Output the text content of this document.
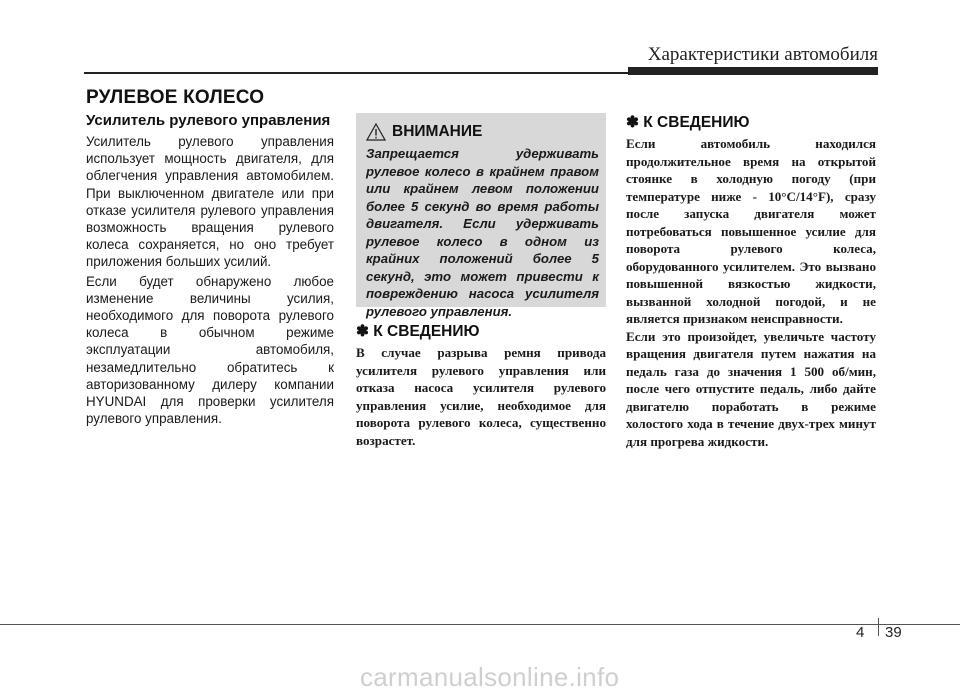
Характеристики автомобиля
РУЛЕВОЕ КОЛЕСО
Усилитель рулевого управления

Усилитель рулевого управления использует мощность двигателя, для облегчения управления автомобилем. При выключенном двигателе или при отказе усилителя рулевого управления возможность вращения рулевого колеса сохраняется, но оно требует приложения больших усилий.

Если будет обнаружено любое изменение величины усилия, необходимого для поворота рулевого колеса в обычном режиме эксплуатации автомобиля, незамедлительно обратитесь к авторизованному дилеру компании HYUNDAI для проверки усилителя рулевого управления.

ВНИМАНИЕ

Запрещается удерживать рулевое колесо в крайнем правом или крайнем левом положении более 5 секунд во время работы двигателя. Если удерживать рулевое колесо в одном из крайних положений более 5 секунд, это может привести к повреждению насоса усилителя рулевого управления.

✽ К СВЕДЕНИЮ

В случае разрыва ремня привода усилителя рулевого управления или отказа насоса усилителя рулевого управления усилие, необходимое для поворота рулевого колеса, существенно возрастет.

✽ К СВЕДЕНИЮ

Если автомобиль находился продолжительное время на открытой стоянке в холодную погоду (при температуре ниже - 10°C/14°F), сразу после запуска двигателя может потребоваться повышенное усилие для поворота рулевого колеса, оборудованного усилителем. Это вызвано повышенной вязкостью жидкости, вызванной холодной погодой, и не является признаком неисправности.

Если это произойдет, увеличьте частоту вращения двигателя путем нажатия на педаль газа до значения 1 500 об/мин, после чего отпустите педаль, либо дайте двигателю поработать в режиме холостого хода в течение двух-трех минут для прогрева жидкости.

4 39
carmanualsonline.info
